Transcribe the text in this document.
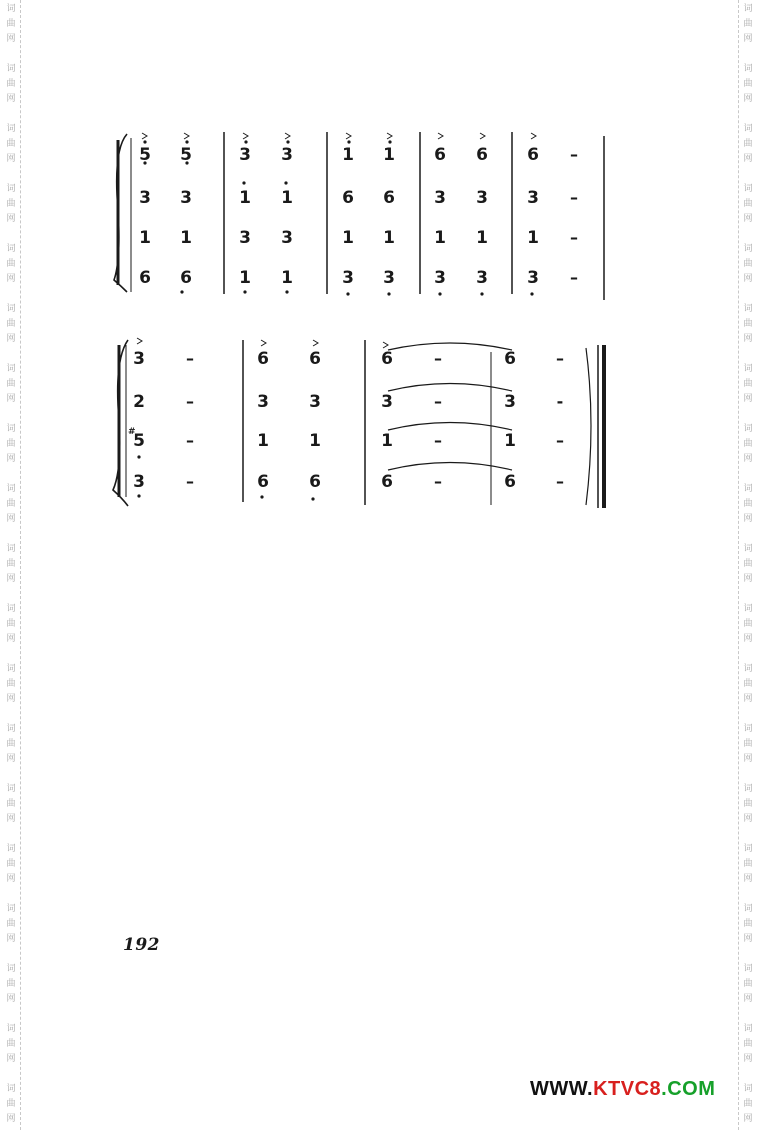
词
曲
网
词
曲
网
词
曲
网
词
曲
网
词
曲
网
词
曲
网
词
曲
网
词
曲
网
词
曲
网
词
曲
网
词
曲
网
词
曲
网
词
曲
网
词
曲
网
词
曲
网
词
曲
网
词
曲
网
词
曲
网
词
曲
网
词
曲
网
词
曲
网
词
曲
网
词
曲
网
词
曲
网
词
曲
网
词
曲
网
词
曲
网
词
曲
网
词
曲
网
词
曲
网
词
曲
网
词
曲
网
词
曲
网
词
曲
网
词
曲
网
词
曲
网
词
曲
网
词
曲
网
5 5	3 3	1 1 6 6 6 –
3 3	1 1	6 6 3 3 3 –
1 1	3 3	1 1 1 1 1 –
6 6	1 1	3 3 3 3 3 –
#
3	–	6 6	6	–	6	–
2	–	3 3	3	–	3	-
5	–	1 1	1	–	1	–
3	–	6 6	6	–	6	–
192
WWW.KTVC8.COM
